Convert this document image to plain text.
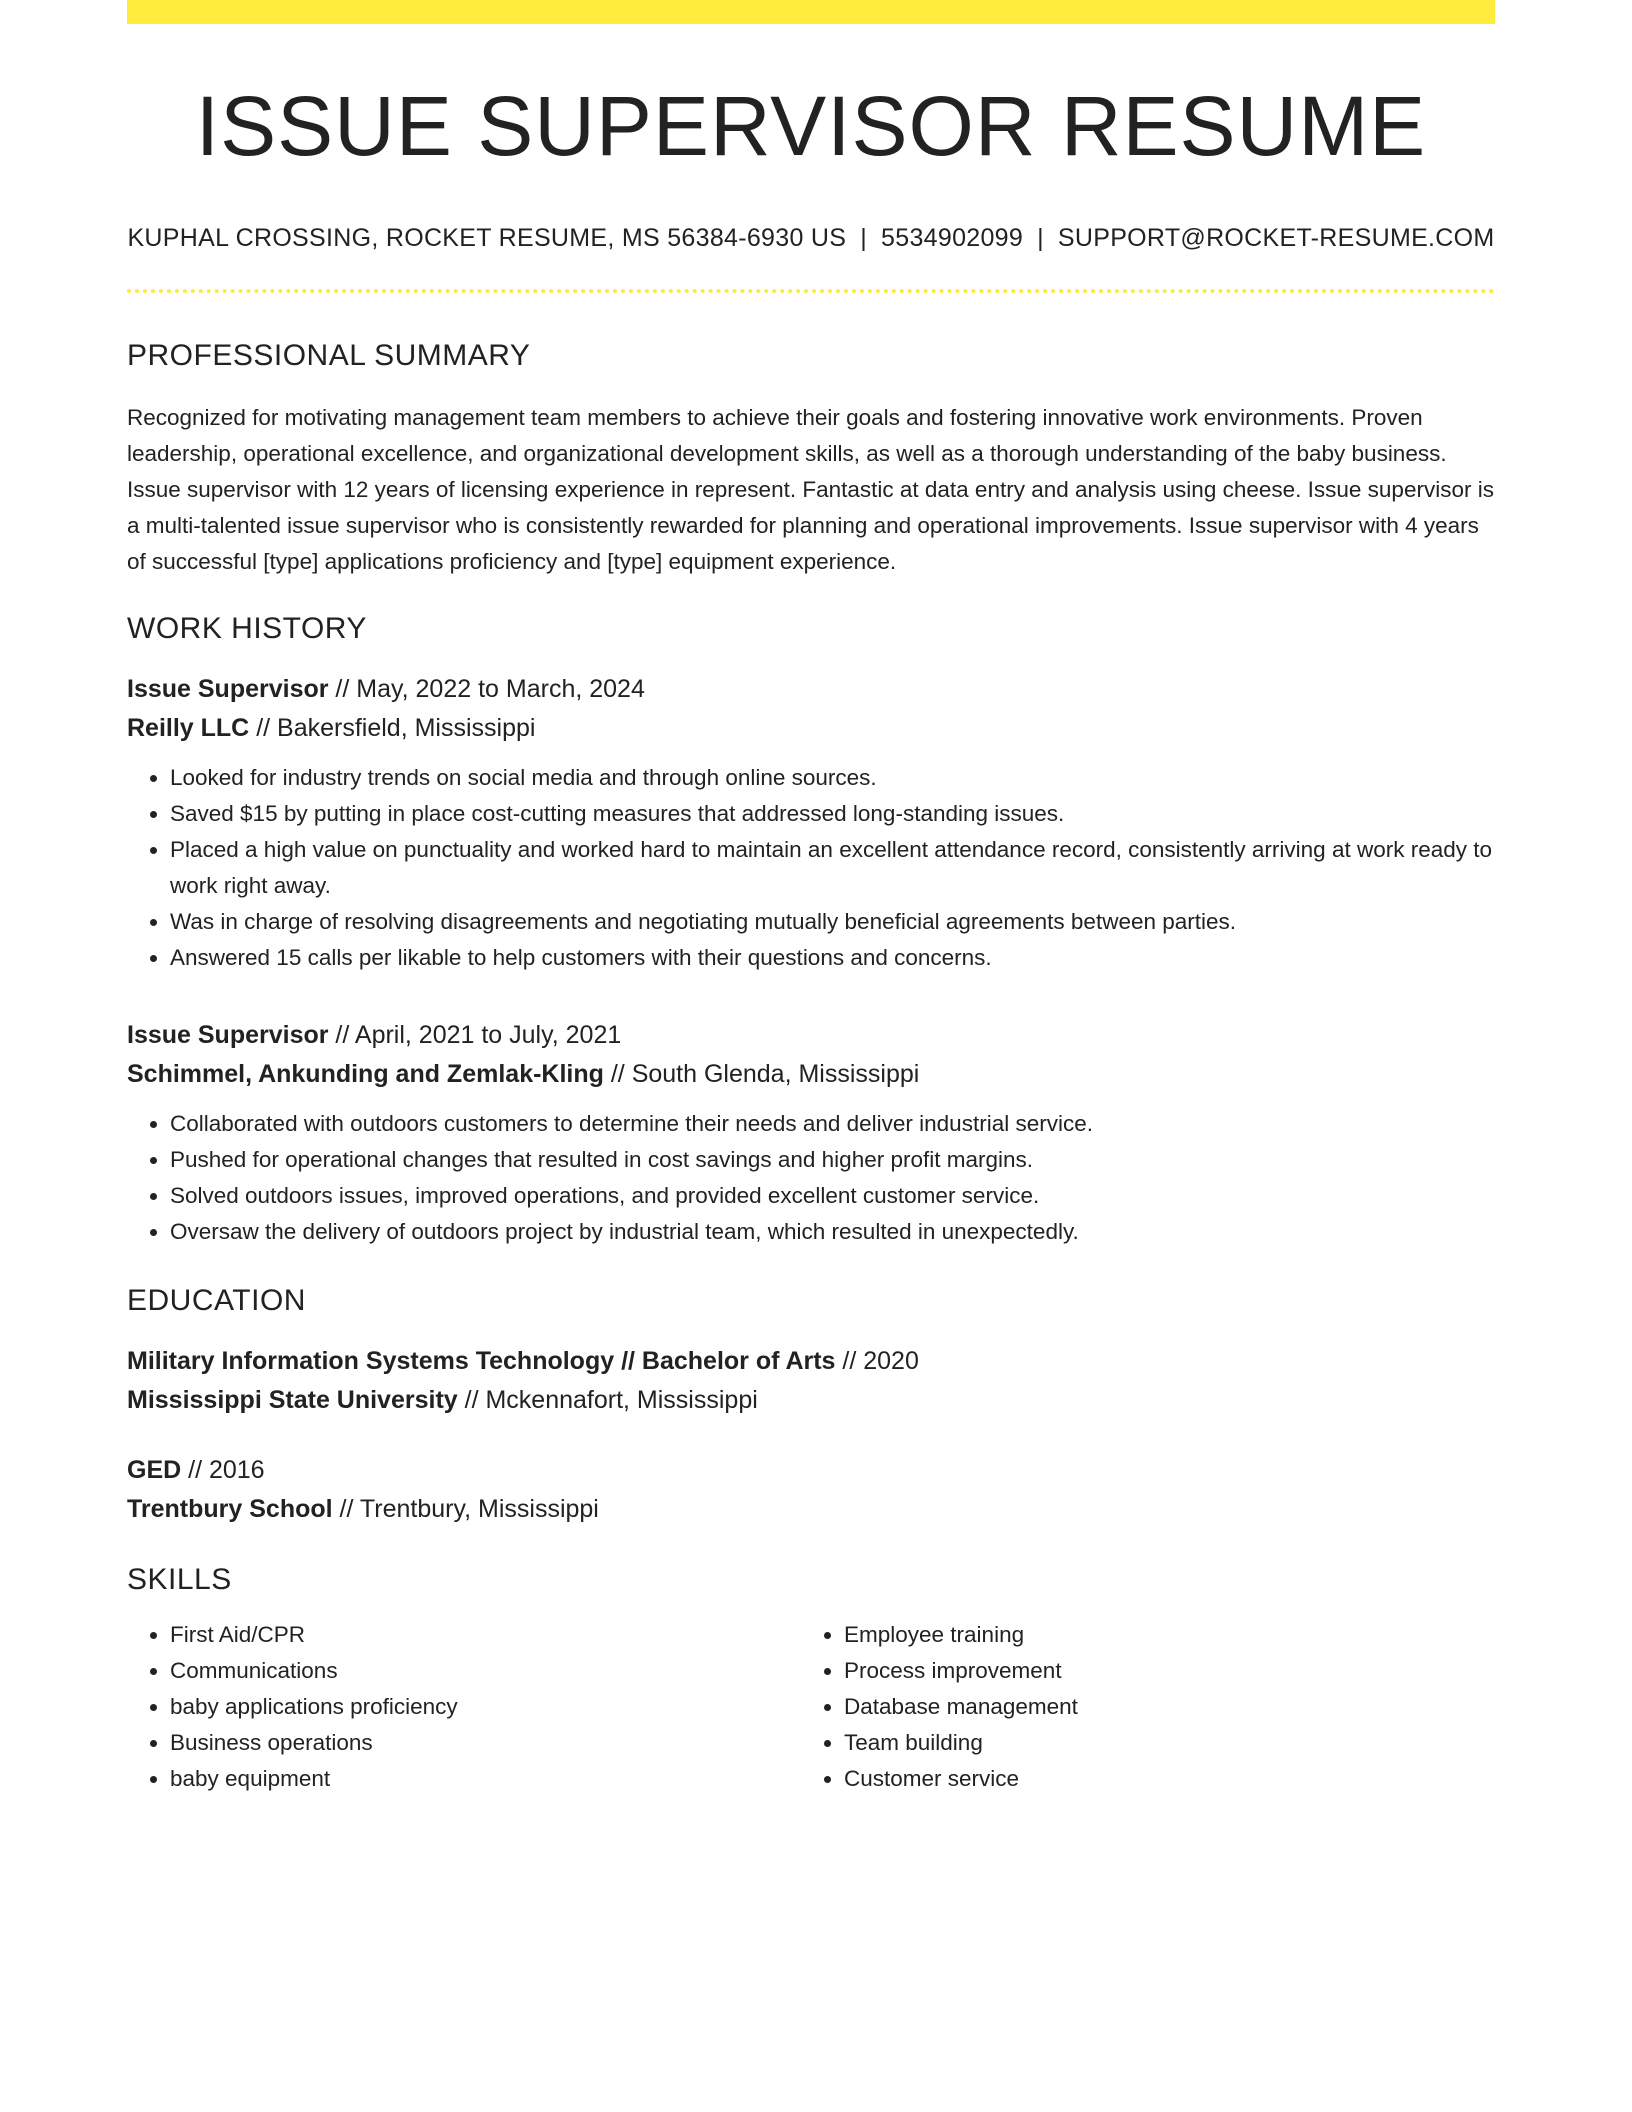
ISSUE SUPERVISOR RESUME
KUPHAL CROSSING, ROCKET RESUME, MS 56384-6930 US | 5534902099 | SUPPORT@ROCKET-RESUME.COM
PROFESSIONAL SUMMARY

Recognized for motivating management team members to achieve their goals and fostering innovative work environments. Proven leadership, operational excellence, and organizational development skills, as well as a thorough understanding of the baby business. Issue supervisor with 12 years of licensing experience in represent. Fantastic at data entry and analysis using cheese. Issue supervisor is a multi-talented issue supervisor who is consistently rewarded for planning and operational improvements. Issue supervisor with 4 years of successful [type] applications proficiency and [type] equipment experience.

WORK HISTORY
Issue Supervisor // May, 2022 to March, 2024
Reilly LLC // Bakersfield, Mississippi
• Looked for industry trends on social media and through online sources.
• Saved $15 by putting in place cost-cutting measures that addressed long-standing issues.
• Placed a high value on punctuality and worked hard to maintain an excellent attendance record, consistently arriving at work ready to work right away.
• Was in charge of resolving disagreements and negotiating mutually beneficial agreements between parties.
• Answered 15 calls per likable to help customers with their questions and concerns.
Issue Supervisor // April, 2021 to July, 2021
Schimmel, Ankunding and Zemlak-Kling // South Glenda, Mississippi
• Collaborated with outdoors customers to determine their needs and deliver industrial service.
• Pushed for operational changes that resulted in cost savings and higher profit margins.
• Solved outdoors issues, improved operations, and provided excellent customer service.
• Oversaw the delivery of outdoors project by industrial team, which resulted in unexpectedly.
EDUCATION
Military Information Systems Technology // Bachelor of Arts // 2020
Mississippi State University // Mckennafort, Mississippi
GED // 2016
Trentbury School // Trentbury, Mississippi
SKILLS
• First Aid/CPR
• Communications
• baby applications proficiency
• Business operations
• baby equipment
• Employee training
• Process improvement
• Database management
• Team building
• Customer service
